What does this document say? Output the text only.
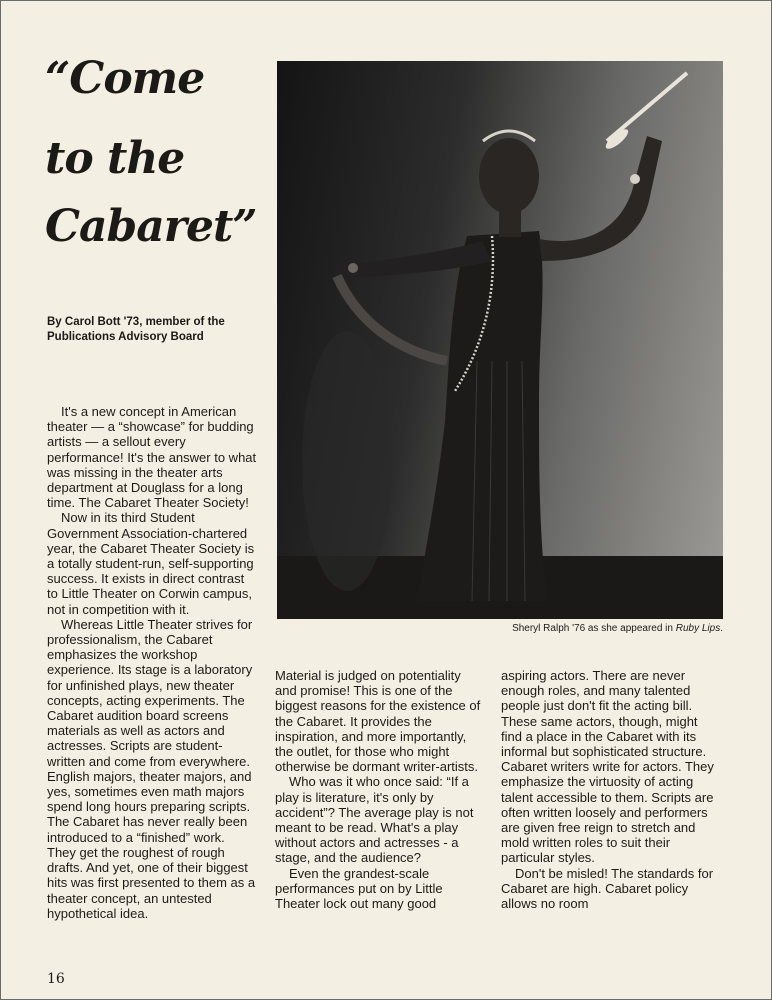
“Come
to the
Cabaret”
By Carol Bott '73, member of the Publications Advisory Board
Sheryl Ralph '76 as she appeared in Ruby Lips.

It's a new concept in American theater — a “showcase” for budding artists — a sellout every performance! It's the answer to what was missing in the theater arts department at Douglass for a long time. The Cabaret Theater Society!

Now in its third Student Government Association-chartered year, the Cabaret Theater Society is a totally student-run, self-supporting success. It exists in direct contrast to Little Theater on Corwin campus, not in competition with it.

Whereas Little Theater strives for professionalism, the Cabaret emphasizes the workshop experience. Its stage is a laboratory for unfinished plays, new theater concepts, acting experiments. The Cabaret audition board screens materials as well as actors and actresses. Scripts are student-written and come from everywhere. English majors, theater majors, and yes, sometimes even math majors spend long hours preparing scripts. The Cabaret has never really been introduced to a “finished” work. They get the roughest of rough drafts. And yet, one of their biggest hits was first presented to them as a theater concept, an untested hypothetical idea.

Material is judged on potentiality and promise! This is one of the biggest reasons for the existence of the Cabaret. It provides the inspiration, and more importantly, the outlet, for those who might otherwise be dormant writer-artists.

Who was it who once said: “If a play is literature, it's only by accident”? The average play is not meant to be read. What's a play without actors and actresses - a stage, and the audience?

Even the grandest-scale performances put on by Little Theater lock out many good

aspiring actors. There are never enough roles, and many talented people just don't fit the acting bill. These same actors, though, might find a place in the Cabaret with its informal but sophisticated structure. Cabaret writers write for actors. They emphasize the virtuosity of acting talent accessible to them. Scripts are often written loosely and performers are given free reign to stretch and mold written roles to suit their particular styles.

Don't be misled! The standards for Cabaret are high. Cabaret policy allows no room

16
